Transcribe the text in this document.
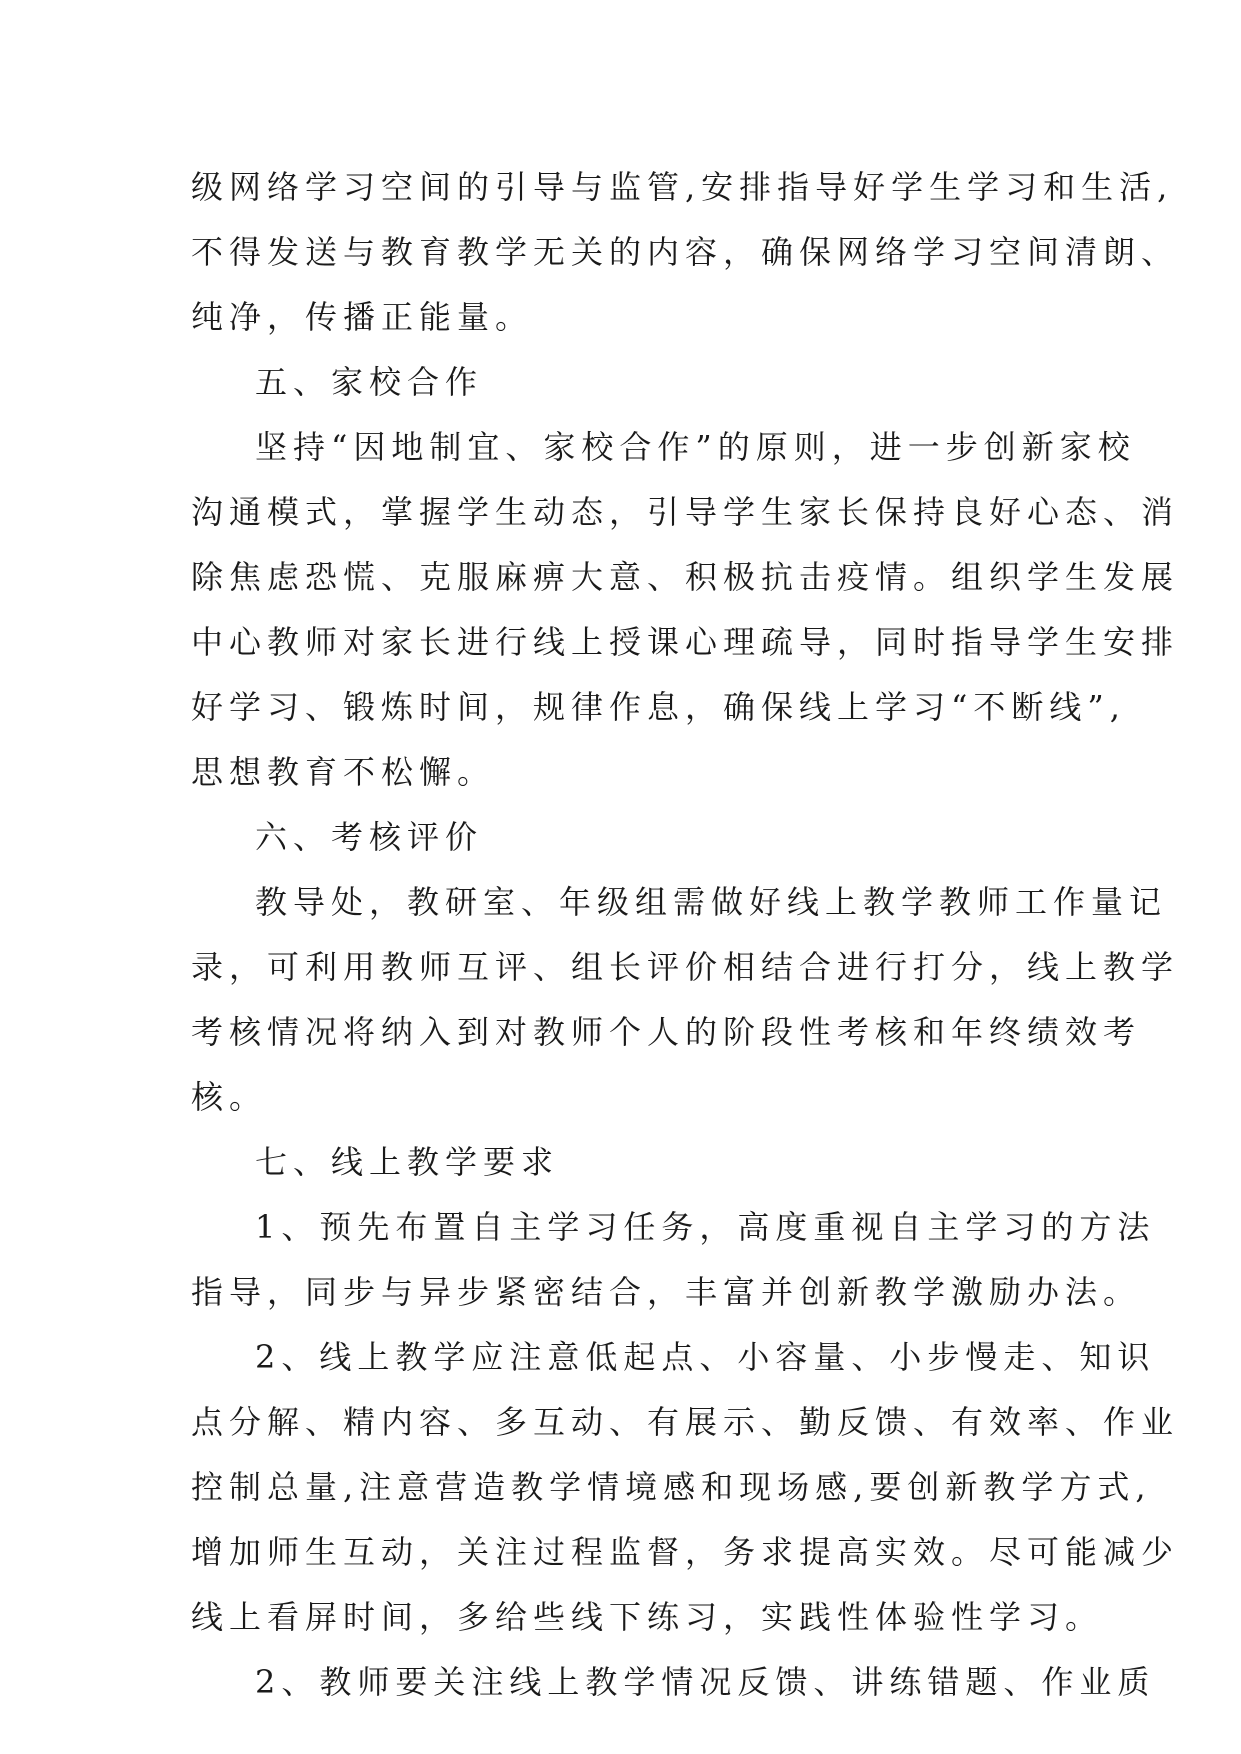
级网络学习空间的引导与监管,安排指导好学生学习和生活,
不得发送与教育教学无关的内容，确保网络学习空间清朗、
纯净，传播正能量。
五、家校合作
坚持“因地制宜、家校合作”的原则，进一步创新家校
沟通模式，掌握学生动态，引导学生家长保持良好心态、消
除焦虑恐慌、克服麻痹大意、积极抗击疫情。组织学生发展
中心教师对家长进行线上授课心理疏导，同时指导学生安排
好学习、锻炼时间，规律作息，确保线上学习“不断线”,
思想教育不松懈。
六、考核评价
教导处，教研室、年级组需做好线上教学教师工作量记
录，可利用教师互评、组长评价相结合进行打分，线上教学
考核情况将纳入到对教师个人的阶段性考核和年终绩效考
核。
七、线上教学要求
1、预先布置自主学习任务，高度重视自主学习的方法
指导，同步与异步紧密结合，丰富并创新教学激励办法。
2、线上教学应注意低起点、小容量、小步慢走、知识
点分解、精内容、多互动、有展示、勤反馈、有效率、作业
控制总量,注意营造教学情境感和现场感,要创新教学方式,
增加师生互动，关注过程监督，务求提高实效。尽可能减少
线上看屏时间，多给些线下练习，实践性体验性学习。
2、教师要关注线上教学情况反馈、讲练错题、作业质
